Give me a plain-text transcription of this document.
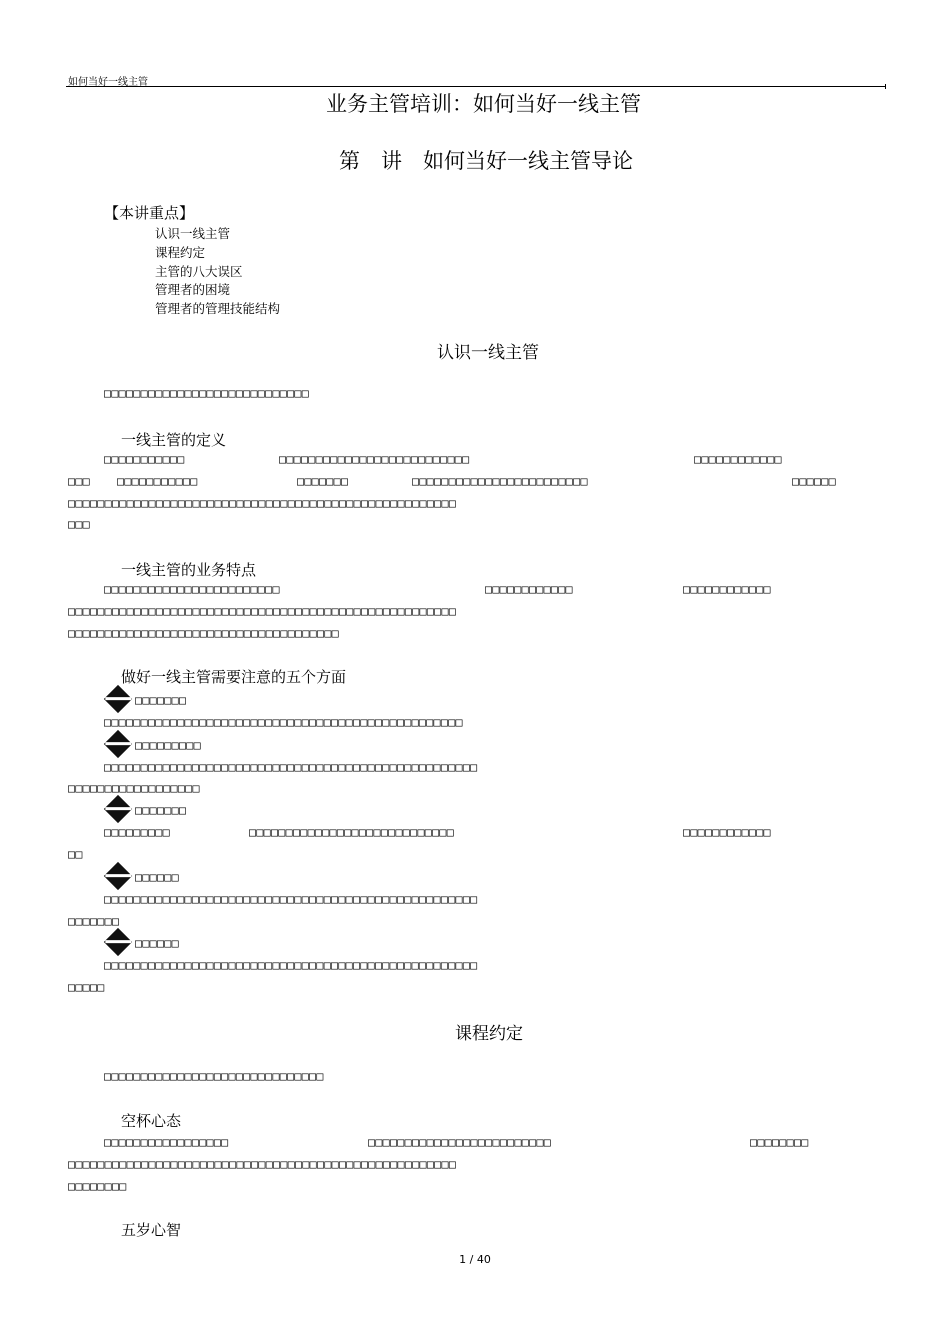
如何当好一线主管
业务主管培训：如何当好一线主管
第　讲　如何当好一线主管导论
【本讲重点】
认识一线主管
课程约定
主管的八大误区
管理者的困境
管理者的管理技能结构
认识一线主管
□□□□□□□□□□□□□□□□□□□□□□□□□□□□
一线主管的定义
□□□□□□□□□□□	□□□□□□□□□□□□□□□□□□□□□□□□□□	□□□□□□□□□□□□
□□□ □□□□□□□□□□□	□□□□□□□	□□□□□□□□□□□□□□□□□□□□□□□□	□□□□□□
□□□□□□□□□□□□□□□□□□□□□□□□□□□□□□□□□□□□□□□□□□□□□□□□□□□□□
□□□
一线主管的业务特点
□□□□□□□□□□□□□□□□□□□□□□□□	□□□□□□□□□□□□	□□□□□□□□□□□□
□□□□□□□□□□□□□□□□□□□□□□□□□□□□□□□□□□□□□□□□□□□□□□□□□□□□□
□□□□□□□□□□□□□□□□□□□□□□□□□□□□□□□□□□□□□
做好一线主管需要注意的五个方面
□□□□□□□
□□□□□□□□□□□□□□□□□□□□□□□□□□□□□□□□□□□□□□□□□□□□□□□□□
□□□□□□□□□
□□□□□□□□□□□□□□□□□□□□□□□□□□□□□□□□□□□□□□□□□□□□□□□□□□□
□□□□□□□□□□□□□□□□□□
□□□□□□□
□□□□□□□□□	□□□□□□□□□□□□□□□□□□□□□□□□□□□□	□□□□□□□□□□□□
□□
□□□□□□
□□□□□□□□□□□□□□□□□□□□□□□□□□□□□□□□□□□□□□□□□□□□□□□□□□□
□□□□□□□
□□□□□□
□□□□□□□□□□□□□□□□□□□□□□□□□□□□□□□□□□□□□□□□□□□□□□□□□□□
□□□□□
课程约定
□□□□□□□□□□□□□□□□□□□□□□□□□□□□□□
空杯心态
□□□□□□□□□□□□□□□□□	□□□□□□□□□□□□□□□□□□□□□□□□□	□□□□□□□□
□□□□□□□□□□□□□□□□□□□□□□□□□□□□□□□□□□□□□□□□□□□□□□□□□□□□□
□□□□□□□□
五岁心智
1 / 40
